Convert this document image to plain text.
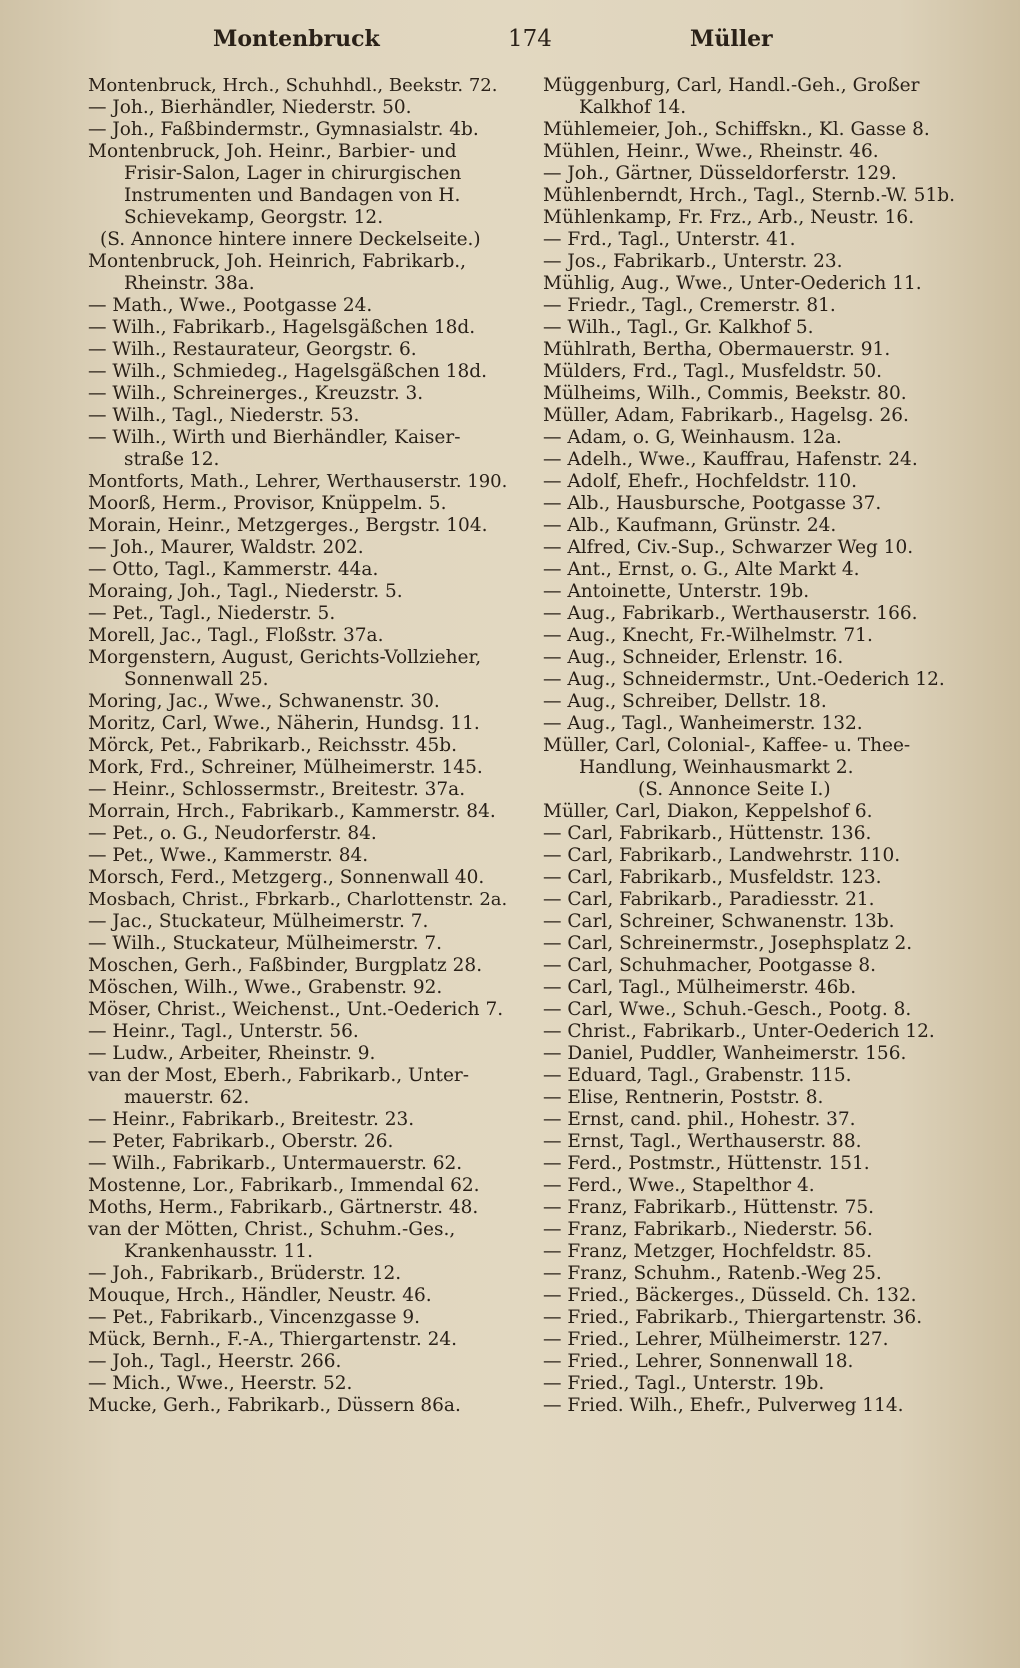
Montenbruck	174	Müller

Montenbruck, Hrch., Schuhhdl., Beekstr. 72.

— Joh., Bierhändler, Niederstr. 50.

— Joh., Faßbindermstr., Gymnasialstr. 4b.

Montenbruck, Joh. Heinr., Barbier- und

Frisir-Salon, Lager in chirurgischen

Instrumenten und Bandagen von H.

Schievekamp, Georgstr. 12.

(S. Annonce hintere innere Deckelseite.)

Montenbruck, Joh. Heinrich, Fabrikarb.,

Rheinstr. 38a.

— Math., Wwe., Pootgasse 24.

— Wilh., Fabrikarb., Hagelsgäßchen 18d.

— Wilh., Restaurateur, Georgstr. 6.

— Wilh., Schmiedeg., Hagelsgäßchen 18d.

— Wilh., Schreinerges., Kreuzstr. 3.

— Wilh., Tagl., Niederstr. 53.

— Wilh., Wirth und Bierhändler, Kaiser-

straße 12.

Montforts, Math., Lehrer, Werthauserstr. 190.

Moorß, Herm., Provisor, Knüppelm. 5.

Morain, Heinr., Metzgerges., Bergstr. 104.

— Joh., Maurer, Waldstr. 202.

— Otto, Tagl., Kammerstr. 44a.

Moraing, Joh., Tagl., Niederstr. 5.

— Pet., Tagl., Niederstr. 5.

Morell, Jac., Tagl., Floßstr. 37a.

Morgenstern, August, Gerichts-Vollzieher,

Sonnenwall 25.

Moring, Jac., Wwe., Schwanenstr. 30.

Moritz, Carl, Wwe., Näherin, Hundsg. 11.

Mörck, Pet., Fabrikarb., Reichsstr. 45b.

Mork, Frd., Schreiner, Mülheimerstr. 145.

— Heinr., Schlossermstr., Breitestr. 37a.

Morrain, Hrch., Fabrikarb., Kammerstr. 84.

— Pet., o. G., Neudorferstr. 84.

— Pet., Wwe., Kammerstr. 84.

Morsch, Ferd., Metzgerg., Sonnenwall 40.

Mosbach, Christ., Fbrkarb., Charlottenstr. 2a.

— Jac., Stuckateur, Mülheimerstr. 7.

— Wilh., Stuckateur, Mülheimerstr. 7.

Moschen, Gerh., Faßbinder, Burgplatz 28.

Möschen, Wilh., Wwe., Grabenstr. 92.

Möser, Christ., Weichenst., Unt.-Oederich 7.

— Heinr., Tagl., Unterstr. 56.

— Ludw., Arbeiter, Rheinstr. 9.

van der Most, Eberh., Fabrikarb., Unter-

mauerstr. 62.

— Heinr., Fabrikarb., Breitestr. 23.

— Peter, Fabrikarb., Oberstr. 26.

— Wilh., Fabrikarb., Untermauerstr. 62.

Mostenne, Lor., Fabrikarb., Immendal 62.

Moths, Herm., Fabrikarb., Gärtnerstr. 48.

van der Mötten, Christ., Schuhm.-Ges.,

Krankenhausstr. 11.

— Joh., Fabrikarb., Brüderstr. 12.

Mouque, Hrch., Händler, Neustr. 46.

— Pet., Fabrikarb., Vincenzgasse 9.

Mück, Bernh., F.-A., Thiergartenstr. 24.

— Joh., Tagl., Heerstr. 266.

— Mich., Wwe., Heerstr. 52.

Mucke, Gerh., Fabrikarb., Düssern 86a.

Müggenburg, Carl, Handl.-Geh., Großer

Kalkhof 14.

Mühlemeier, Joh., Schiffskn., Kl. Gasse 8.

Mühlen, Heinr., Wwe., Rheinstr. 46.

— Joh., Gärtner, Düsseldorferstr. 129.

Mühlenberndt, Hrch., Tagl., Sternb.-W. 51b.

Mühlenkamp, Fr. Frz., Arb., Neustr. 16.

— Frd., Tagl., Unterstr. 41.

— Jos., Fabrikarb., Unterstr. 23.

Mühlig, Aug., Wwe., Unter-Oederich 11.

— Friedr., Tagl., Cremerstr. 81.

— Wilh., Tagl., Gr. Kalkhof 5.

Mühlrath, Bertha, Obermauerstr. 91.

Mülders, Frd., Tagl., Musfeldstr. 50.

Mülheims, Wilh., Commis, Beekstr. 80.

Müller, Adam, Fabrikarb., Hagelsg. 26.

— Adam, o. G, Weinhausm. 12a.

— Adelh., Wwe., Kauffrau, Hafenstr. 24.

— Adolf, Ehefr., Hochfeldstr. 110.

— Alb., Hausbursche, Pootgasse 37.

— Alb., Kaufmann, Grünstr. 24.

— Alfred, Civ.-Sup., Schwarzer Weg 10.

— Ant., Ernst, o. G., Alte Markt 4.

— Antoinette, Unterstr. 19b.

— Aug., Fabrikarb., Werthauserstr. 166.

— Aug., Knecht, Fr.-Wilhelmstr. 71.

— Aug., Schneider, Erlenstr. 16.

— Aug., Schneidermstr., Unt.-Oederich 12.

— Aug., Schreiber, Dellstr. 18.

— Aug., Tagl., Wanheimerstr. 132.

Müller, Carl, Colonial-, Kaffee- u. Thee-

Handlung, Weinhausmarkt 2.

(S. Annonce Seite I.)

Müller, Carl, Diakon, Keppelshof 6.

— Carl, Fabrikarb., Hüttenstr. 136.

— Carl, Fabrikarb., Landwehrstr. 110.

— Carl, Fabrikarb., Musfeldstr. 123.

— Carl, Fabrikarb., Paradiesstr. 21.

— Carl, Schreiner, Schwanenstr. 13b.

— Carl, Schreinermstr., Josephsplatz 2.

— Carl, Schuhmacher, Pootgasse 8.

— Carl, Tagl., Mülheimerstr. 46b.

— Carl, Wwe., Schuh.-Gesch., Pootg. 8.

— Christ., Fabrikarb., Unter-Oederich 12.

— Daniel, Puddler, Wanheimerstr. 156.

— Eduard, Tagl., Grabenstr. 115.

— Elise, Rentnerin, Poststr. 8.

— Ernst, cand. phil., Hohestr. 37.

— Ernst, Tagl., Werthauserstr. 88.

— Ferd., Postmstr., Hüttenstr. 151.

— Ferd., Wwe., Stapelthor 4.

— Franz, Fabrikarb., Hüttenstr. 75.

— Franz, Fabrikarb., Niederstr. 56.

— Franz, Metzger, Hochfeldstr. 85.

— Franz, Schuhm., Ratenb.-Weg 25.

— Fried., Bäckerges., Düsseld. Ch. 132.

— Fried., Fabrikarb., Thiergartenstr. 36.

— Fried., Lehrer, Mülheimerstr. 127.

— Fried., Lehrer, Sonnenwall 18.

— Fried., Tagl., Unterstr. 19b.

— Fried. Wilh., Ehefr., Pulverweg 114.
